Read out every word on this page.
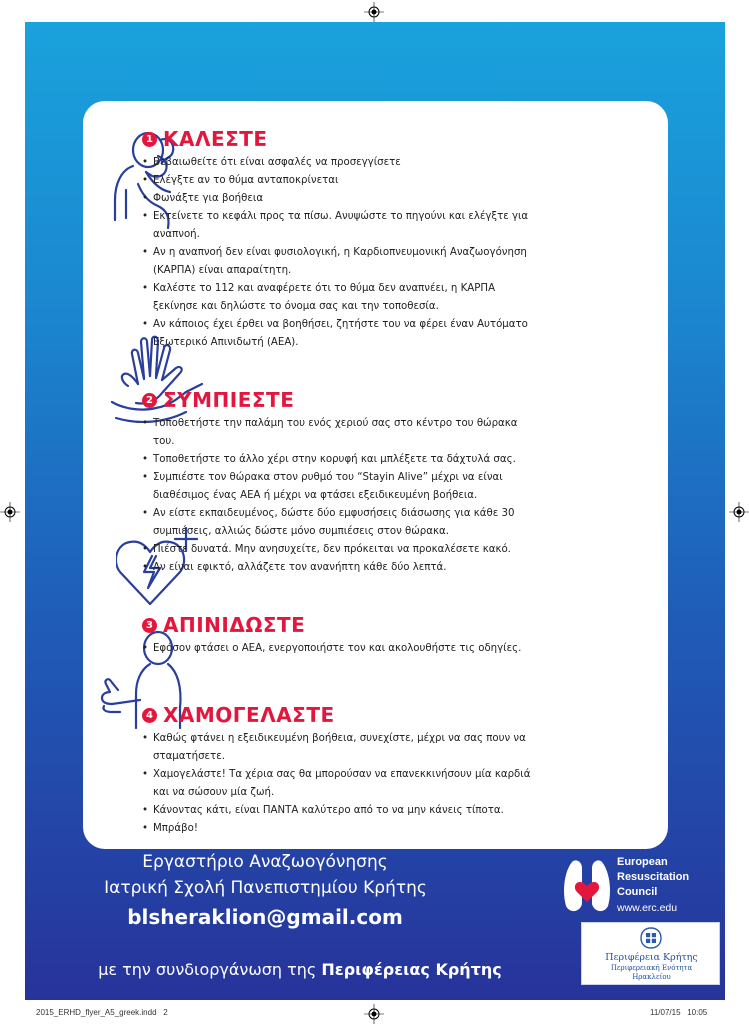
1 ΚΑΛΕΣΤΕ
• Βεβαιωθείτε ότι είναι ασφαλές να προσεγγίσετε
• Ελέγξτε αν το θύμα ανταποκρίνεται
• Φωνάξτε για βοήθεια
• Εκτείνετε το κεφάλι προς τα πίσω. Ανυψώστε το πηγούνι και ελέγξτε για αναπνοή.
• Αν η αναπνοή δεν είναι φυσιολογική, η Καρδιοπνευμονική Αναζωογόνηση (ΚΑΡΠΑ) είναι απαραίτητη.
• Καλέστε το 112 και αναφέρετε ότι το θύμα δεν αναπνέει, η ΚΑΡΠΑ ξεκίνησε και δηλώστε το όνομα σας και την τοποθεσία.
• Αν κάποιος έχει έρθει να βοηθήσει, ζητήστε του να φέρει έναν Αυτόματο Εξωτερικό Απινιδωτή (ΑΕΑ).
2 ΣΥΜΠΙΕΣΤΕ
• Τοποθετήστε την παλάμη του ενός χεριού σας στο κέντρο του θώρακα του.
• Τοποθετήστε το άλλο χέρι στην κορυφή και μπλέξετε τα δάχτυλά σας.
• Συμπιέστε τον θώρακα στον ρυθμό του “Stayin Alive” μέχρι να είναι διαθέσιμος ένας ΑΕΑ ή μέχρι να φτάσει εξειδικευμένη βοήθεια.
• Αν είστε εκπαιδευμένος, δώστε δύο εμφυσήσεις διάσωσης για κάθε 30 συμπιέσεις, αλλιώς δώστε μόνο συμπιέσεις στον θώρακα.
• Πιέστε δυνατά. Μην ανησυχείτε, δεν πρόκειται να προκαλέσετε κακό.
• Αν είναι εφικτό, αλλάζετε τον ανανήπτη κάθε δύο λεπτά.
3 ΑΠΙΝΙΔΩΣΤΕ
• Εφόσον φτάσει ο ΑΕΑ, ενεργοποιήστε τον και ακολουθήστε τις οδηγίες.
4 ΧΑΜΟΓΕΛΑΣΤΕ
• Καθώς φτάνει η εξειδικευμένη βοήθεια, συνεχίστε, μέχρι να σας πουν να σταματήσετε.
• Χαμογελάστε! Τα χέρια σας θα μπορούσαν να επανεκκινήσουν μία καρδιά και να σώσουν μία ζωή.
• Κάνοντας κάτι, είναι ΠΑΝΤΑ καλύτερο από το να μην κάνεις τίποτα.
• Μπράβο!
Εργαστήριο Αναζωογόνησης
Ιατρική Σχολή Πανεπιστημίου Κρήτης
blsheraklion@gmail.com
με την συνδιοργάνωση της Περιφέρειας Κρήτης
European
Resuscitation
Council
www.erc.edu
Περιφέρεια Κρήτης
Περιφερειακή Ενότητα
Ηρακλείου
2015_ERHD_flyer_A5_greek.indd   2	11/07/15   10:05
